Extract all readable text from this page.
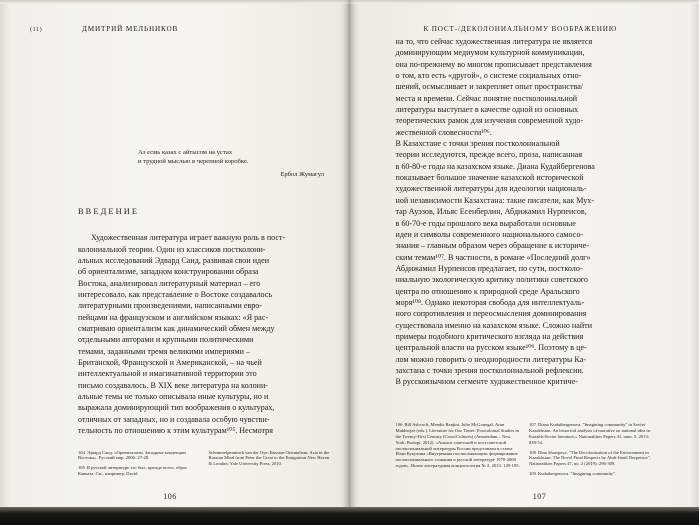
(11)	ДМИТРИЙ МЕЛЬНИКОВ
Аз есмь казах с айтысом на устах
и трудной мыслью в черепной коробке.
Ербол Жумагул
ВВЕДЕНИЕ
Художественная литература играет важную роль в пост-
колониальной теории. Один из классиков постколони-
альных исследований Эдвард Саид, развивая свои идеи
об ориентализме, западном конструировании образа
Востока, анализировал литературный материал – его
интересовало, как представление о Востоке создавалось
литературными произведениями, написанными евро-
пейцами на французском и английском языках: «Я рас-
сматриваю ориентализм как динамический обмен между
отдельными авторами и крупными политическими
темами, заданными тремя великими империями –
Британской, Французской и Американской, – на чьей
интеллектуальной и имагинативной территории это
письмо создавалось. В XIX веке литература на колони-
альные темы не только описывала иные культуры, но и
выражала доминирующий тип воображения о культурах,
отличных от западных, но и создавала особую чувстви-
тельность по отношению к этим культурам¹⁰⁵. Несмотря
104 Эдвард Саид. «Ориентализм. Западные концепции Востока». Русский мир, 2006: 27-28.
105 В русской литературе это был, прежде всего, образ Кавказа. См., например, David
Schimmelpenninck van der Oye. Russian Orientalism: Asia in the Russian Mind from Peter the Great to the Emigration New Haven & London: Yale University Press, 2010.
106
К ПОСТ-/ДЕКОЛОНИАЛЬНОМУ ВООБРАЖЕНИЮ
на то, что сейчас художественная литература не является
доминирующим медиумом культурной коммуникации,
она по-прежнему во многом прописывает представления
о том, кто есть «другой», о системе социальных отно-
шений, осмысливает и закрепляет опыт пространства/
места и времени. Сейчас понятие постколониальной
литературы выступает в качестве одной из основных
теоретических рамок для изучения современной худо-
жественной словесности¹⁰⁶.
В Казахстане с точки зрения постколониальной
теории исследуются, прежде всего, проза, написанная
в 60-80-е годы на казахском языке. Диана Кудайбергенова
показывает большое значение казахской исторической
художественной литературы для идеологии националь-
ной независимости Казахстана: такие писатели, как Мух-
тар Ауэзов, Ильяс Есенберлин, Абдижамил Нурпеисов,
в 60-70-е годы прошлого века выработали основные
идеи и символы современного национального самосо-
знания – главным образом через обращение к историче-
ским темам¹⁰⁷. В частности, в романе «Последний долг»
Абдижамил Нурпеисов предлагает, по сути, постколо-
ниальную экологическую критику политики советского
центра по отношению к природной среде Аральского
моря¹⁰⁸. Однако некоторая свобода для интеллектуаль-
ного сопротивления и переосмысления доминирования
существовала именно на казахском языке. Сложно найти
примеры подобного критического взгляда на действия
центральной власти на русском языке¹⁰⁹. Поэтому в це-
лом можно говорить о неоднородности литературы Ка-
захстана с точки зрения постколониальной рефлексии.
В русскоязычном сегменте художественное критиче-
106 Bill Ashcroft, Mendis Ranjini, Julie McGonegal, Arun Mukherjee (eds.). Literature for Our Times: Postcolonial Studies in the Twenty-First Century (Cross/Cultures) (Amsterdam – New York: Rodopi, 2012). «Анализ советской и постсоветской постколониальной литературы России представлен в статье Илаи Кукулина «Внутренняя постколонизация: формирование постколониального сознания в русской литературе 1970-2000 годов», Новое литературная концептология № 2, 2013: 149-185.
107 Diana Kudaibergenova. "Imagining community" in Soviet Kazakhstan. An historical analysis of narrative on national idea in Kazakh-Soviet literature,» Nationalities Papers 41, num. 5, 2013: 839-54.
108 Dina Sharipova. "The Decolonization of the Environment in Kazakhstan: The Novel Final Respects by Abdi-Jamil Nurpeisov", Nationalities Papers 47, no. 2 (2019): 296-309.
109 Kudaibergenova. "Imagining community".
107
